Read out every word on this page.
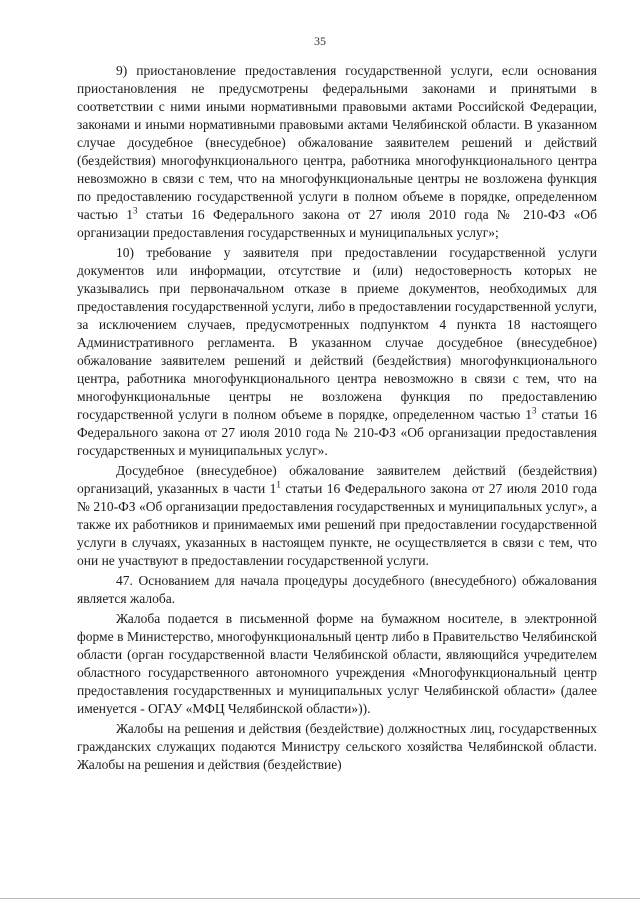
35

9) приостановление предоставления государственной услуги, если основания приостановления не предусмотрены федеральными законами и принятыми в соответствии с ними иными нормативными правовыми актами Российской Федерации, законами и иными нормативными правовыми актами Челябинской области. В указанном случае досудебное (внесудебное) обжалование заявителем решений и действий (бездействия) многофункционального центра, работника многофункционального центра невозможно в связи с тем, что на многофункциональные центры не возложена функция по предоставлению государственной услуги в полном объеме в порядке, определенном частью $1^3$ статьи 16 Федерального закона от 27 июля 2010 года № 210-ФЗ «Об организации предоставления государственных и муниципальных услуг»;

10) требование у заявителя при предоставлении государственной услуги документов или информации, отсутствие и (или) недостоверность которых не указывались при первоначальном отказе в приеме документов, необходимых для предоставления государственной услуги, либо в предоставлении государственной услуги, за исключением случаев, предусмотренных подпунктом 4 пункта 18 настоящего Административного регламента. В указанном случае досудебное (внесудебное) обжалование заявителем решений и действий (бездействия) многофункционального центра, работника многофункционального центра невозможно в связи с тем, что на многофункциональные центры не возложена функция по предоставлению государственной услуги в полном объеме в порядке, определенном частью $1^3$ статьи 16 Федерального закона от 27 июля 2010 года № 210-ФЗ «Об организации предоставления государственных и муниципальных услуг».

Досудебное (внесудебное) обжалование заявителем действий (бездействия) организаций, указанных в части $1^1$ статьи 16 Федерального закона от 27 июля 2010 года № 210-ФЗ «Об организации предоставления государственных и муниципальных услуг», а также их работников и принимаемых ими решений при предоставлении государственной услуги в случаях, указанных в настоящем пункте, не осуществляется в связи с тем, что они не участвуют в предоставлении государственной услуги.

47. Основанием для начала процедуры досудебного (внесудебного) обжалования является жалоба.

Жалоба подается в письменной форме на бумажном носителе, в электронной форме в Министерство, многофункциональный центр либо в Правительство Челябинской области (орган государственной власти Челябинской области, являющийся учредителем областного государственного автономного учреждения «Многофункциональный центр предоставления государственных и муниципальных услуг Челябинской области» (далее именуется - ОГАУ «МФЦ Челябинской области»)).

Жалобы на решения и действия (бездействие) должностных лиц, государственных гражданских служащих подаются Министру сельского хозяйства Челябинской области. Жалобы на решения и действия (бездействие)
